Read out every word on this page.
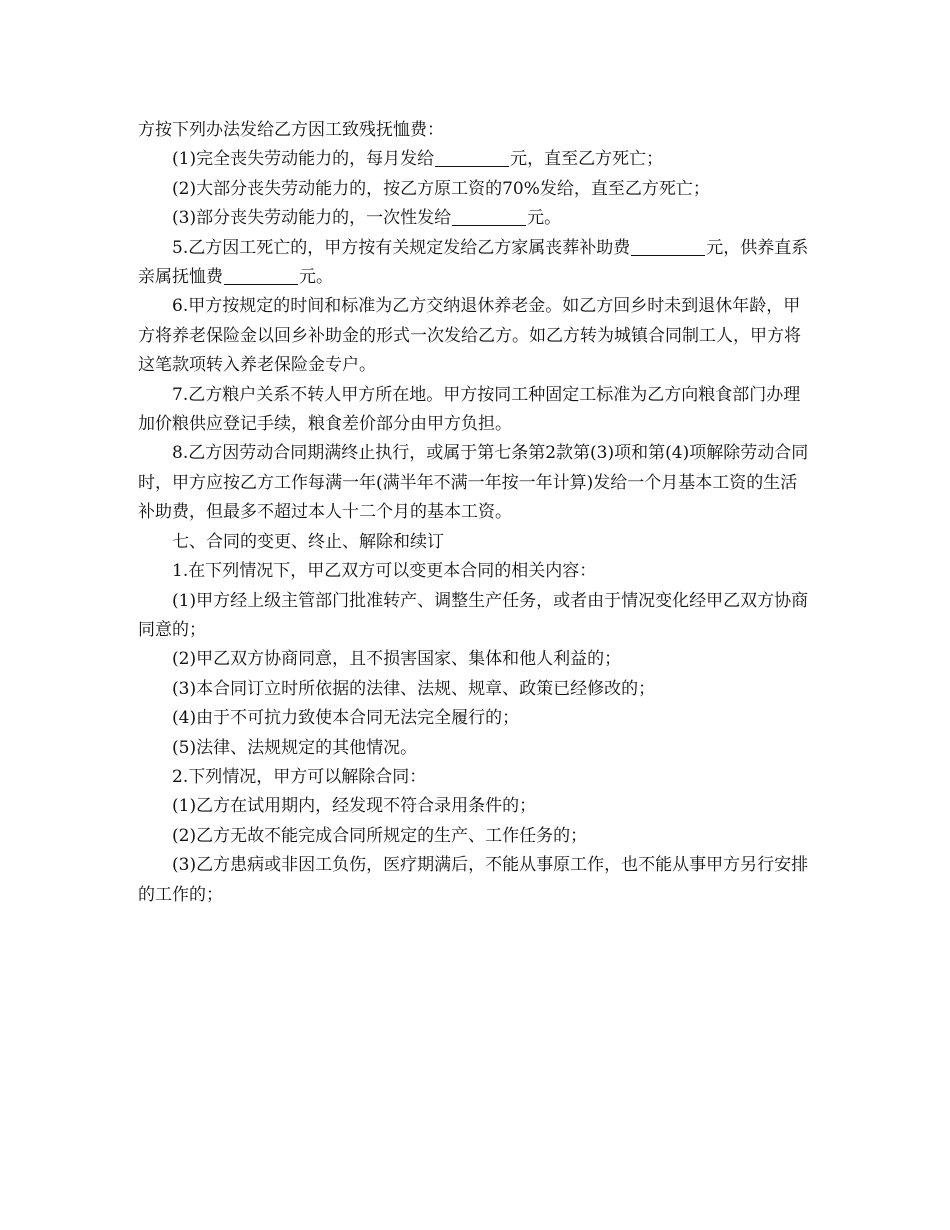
方按下列办法发给乙方因工致残抚恤费：

(1)完全丧失劳动能力的，每月发给	元，直至乙方死亡；

(2)大部分丧失劳动能力的，按乙方原工资的70%发给，直至乙方死亡；

(3)部分丧失劳动能力的，一次性发给	元。

5.乙方因工死亡的，甲方按有关规定发给乙方家属丧葬补助费	元，供养直系亲属抚恤费	元。

6.甲方按规定的时间和标准为乙方交纳退休养老金。如乙方回乡时未到退休年龄，甲方将养老保险金以回乡补助金的形式一次发给乙方。如乙方转为城镇合同制工人，甲方将这笔款项转入养老保险金专户。

7.乙方粮户关系不转人甲方所在地。甲方按同工种固定工标准为乙方向粮食部门办理加价粮供应登记手续，粮食差价部分由甲方负担。

8.乙方因劳动合同期满终止执行，或属于第七条第2款第(3)项和第(4)项解除劳动合同时，甲方应按乙方工作每满一年(满半年不满一年按一年计算)发给一个月基本工资的生活补助费，但最多不超过本人十二个月的基本工资。

七、合同的变更、终止、解除和续订

1.在下列情况下，甲乙双方可以变更本合同的相关内容：

(1)甲方经上级主管部门批准转产、调整生产任务，或者由于情况变化经甲乙双方协商同意的；

(2)甲乙双方协商同意，且不损害国家、集体和他人利益的；

(3)本合同订立时所依据的法律、法规、规章、政策已经修改的；

(4)由于不可抗力致使本合同无法完全履行的；

(5)法律、法规规定的其他情况。

2.下列情况，甲方可以解除合同：

(1)乙方在试用期内，经发现不符合录用条件的；

(2)乙方无故不能完成合同所规定的生产、工作任务的；

(3)乙方患病或非因工负伤，医疗期满后，不能从事原工作，也不能从事甲方另行安排的工作的；
